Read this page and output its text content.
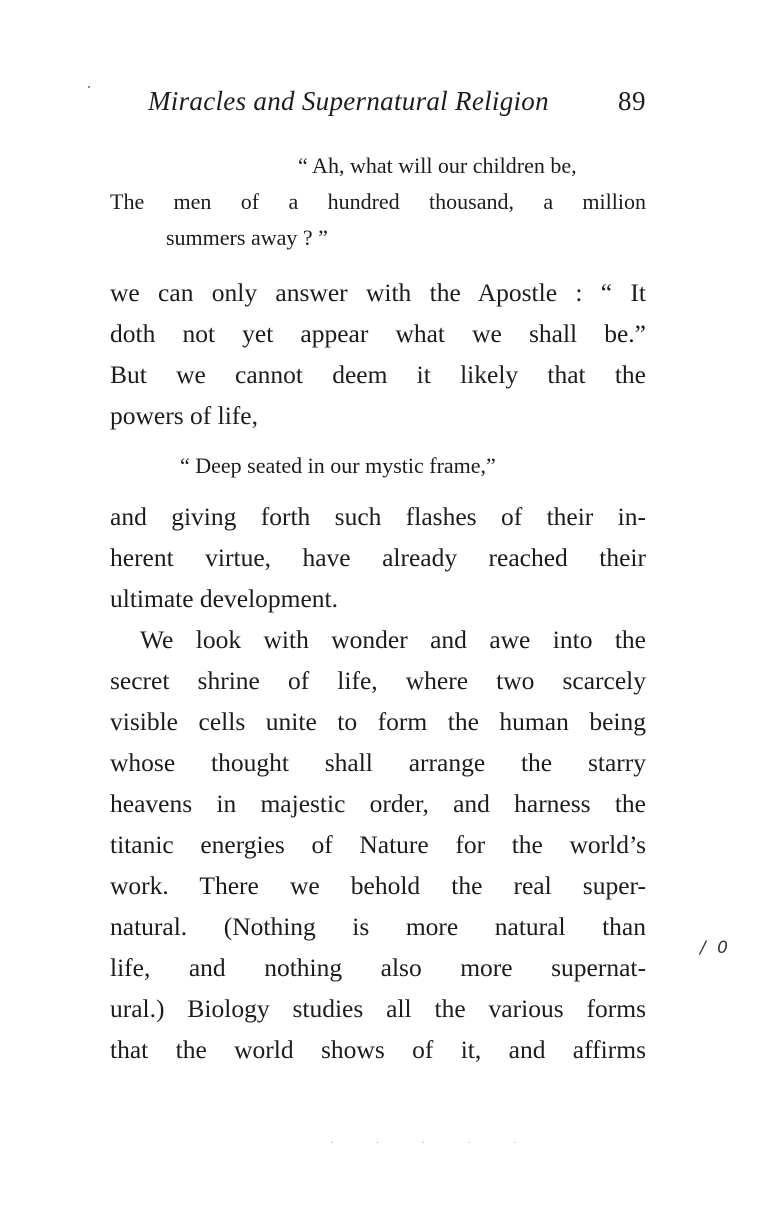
Miracles and Supernatural Religion	89
“ Ah, what will our children be,
The men of a hundred thousand, a million
summers away ? ”
we can only answer with the Apostle : “ It
doth not yet appear what we shall be.”
But we cannot deem it likely that the
powers of life,
“ Deep seated in our mystic frame,”
and giving forth such flashes of their in-
herent virtue, have already reached their
ultimate development.
We look with wonder and awe into the
secret shrine of life, where two scarcely
visible cells unite to form the human being
whose thought shall arrange the starry
heavens in majestic order, and harness the
titanic energies of Nature for the world’s
work. There we behold the real super-
natural. (Nothing is more natural than
life, and nothing also more supernat-
ural.) Biology studies all the various forms
that the world shows of it, and affirms
/ 0
· · · · ·
